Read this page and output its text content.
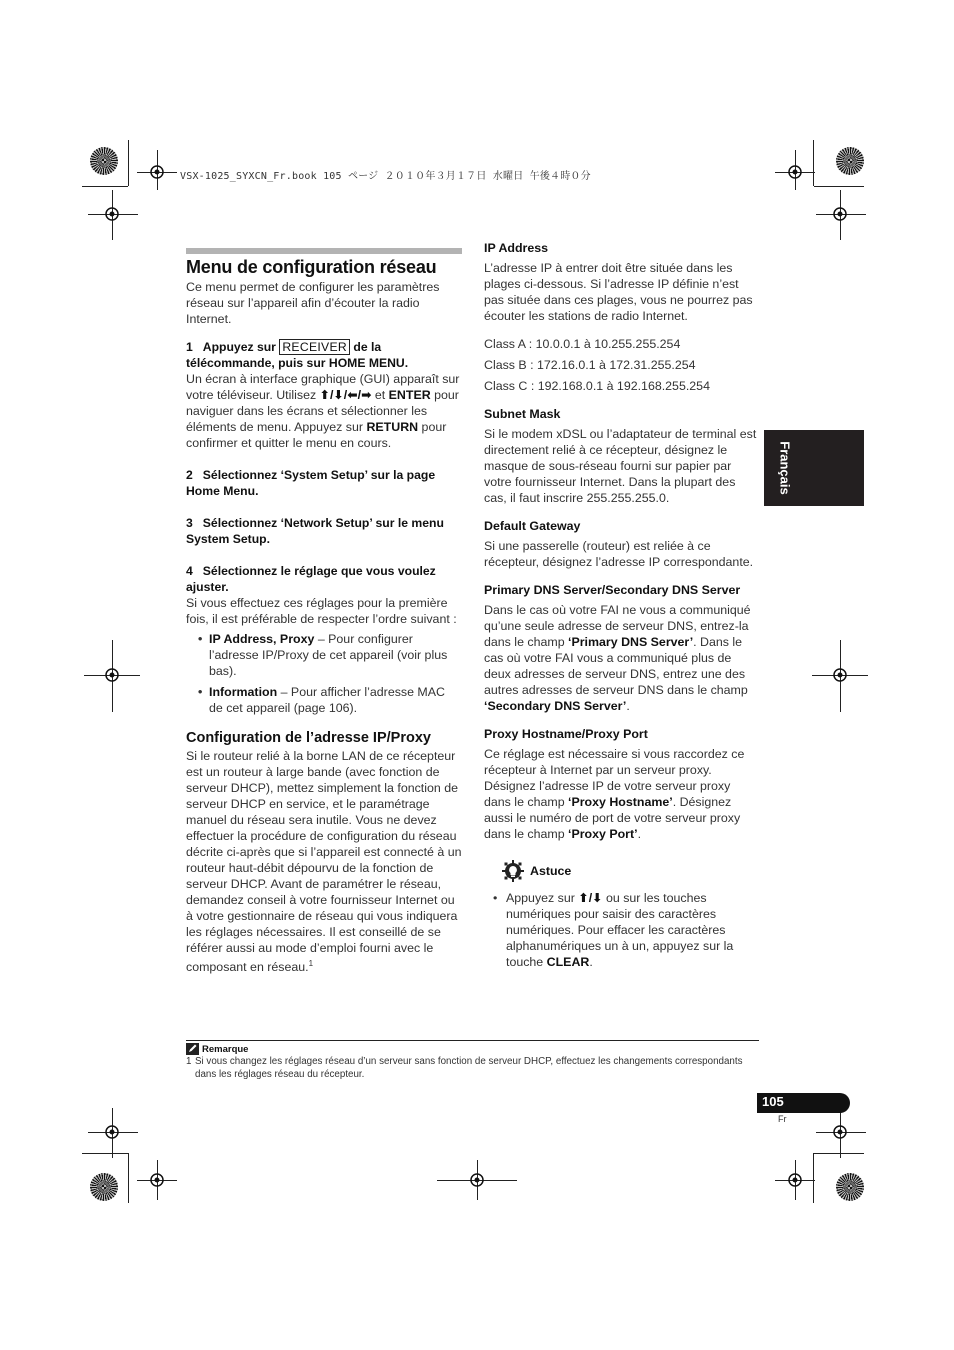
VSX-1025_SYXCN_Fr.book 105 ページ ２０１０年３月１７日 水曜日 午後４時０分
Menu de configuration réseau

Ce menu permet de configurer les paramètres réseau sur l’appareil afin d’écouter la radio Internet.

1 Appuyez sur RECEIVER de la télécommande, puis sur HOME MENU.

Un écran à interface graphique (GUI) apparaît sur votre téléviseur. Utilisez ⬆/⬇/⬅/➡ et ENTER pour naviguer dans les écrans et sélectionner les éléments de menu. Appuyez sur RETURN pour confirmer et quitter le menu en cours.

2 Sélectionnez ‘System Setup’ sur la page Home Menu.

3 Sélectionnez ‘Network Setup’ sur le menu System Setup.

4 Sélectionnez le réglage que vous voulez ajuster.

Si vous effectuez ces réglages pour la première fois, il est préférable de respecter l’ordre suivant :

• IP Address, Proxy – Pour configurer l’adresse IP/Proxy de cet appareil (voir plus bas).
• Information – Pour afficher l’adresse MAC de cet appareil (page 106).
Configuration de l’adresse IP/Proxy

Si le routeur relié à la borne LAN de ce récepteur est un routeur à large bande (avec fonction de serveur DHCP), mettez simplement la fonction de serveur DHCP en service, et le paramétrage manuel du réseau sera inutile. Vous ne devez effectuer la procédure de configuration du réseau décrite ci-après que si l’appareil est connecté à un routeur haut-débit dépourvu de la fonction de serveur DHCP. Avant de paramétrer le réseau, demandez conseil à votre fournisseur Internet ou à votre gestionnaire de réseau qui vous indiquera les réglages nécessaires. Il est conseillé de se référer aussi au mode d’emploi fourni avec le composant en réseau.$^1$

IP Address

L’adresse IP à entrer doit être située dans les plages ci-dessous. Si l’adresse IP définie n’est pas située dans ces plages, vous ne pourrez pas écouter les stations de radio Internet.

Class A : 10.0.0.1 à 10.255.255.254

Class B : 172.16.0.1 à 172.31.255.254

Class C : 192.168.0.1 à 192.168.255.254

Subnet Mask

Si le modem xDSL ou l’adaptateur de terminal est directement relié à ce récepteur, désignez le masque de sous-réseau fourni sur papier par votre fournisseur Internet. Dans la plupart des cas, il faut inscrire 255.255.255.0.

Default Gateway

Si une passerelle (routeur) est reliée à ce récepteur, désignez l’adresse IP correspondante.

Primary DNS Server/Secondary DNS Server

Dans le cas où votre FAI ne vous a communiqué qu’une seule adresse de serveur DNS, entrez-la dans le champ ‘Primary DNS Server’. Dans le cas où votre FAI vous a communiqué plus de deux adresses de serveur DNS, entrez une des autres adresses de serveur DNS dans le champ ‘Secondary DNS Server’.

Proxy Hostname/Proxy Port

Ce réglage est nécessaire si vous raccordez ce récepteur à Internet par un serveur proxy. Désignez l’adresse IP de votre serveur proxy dans le champ ‘Proxy Hostname’. Désignez aussi le numéro de port de votre serveur proxy dans le champ ‘Proxy Port’.

Astuce
• Appuyez sur ⬆/⬇ ou sur les touches numériques pour saisir des caractères numériques. Pour effacer les caractères alphanumériques un à un, appuyez sur la touche CLEAR.
Français
Remarque
1 Si vous changez les réglages réseau d’un serveur sans fonction de serveur DHCP, effectuez les changements correspondants dans les réglages réseau du récepteur.
105
Fr
